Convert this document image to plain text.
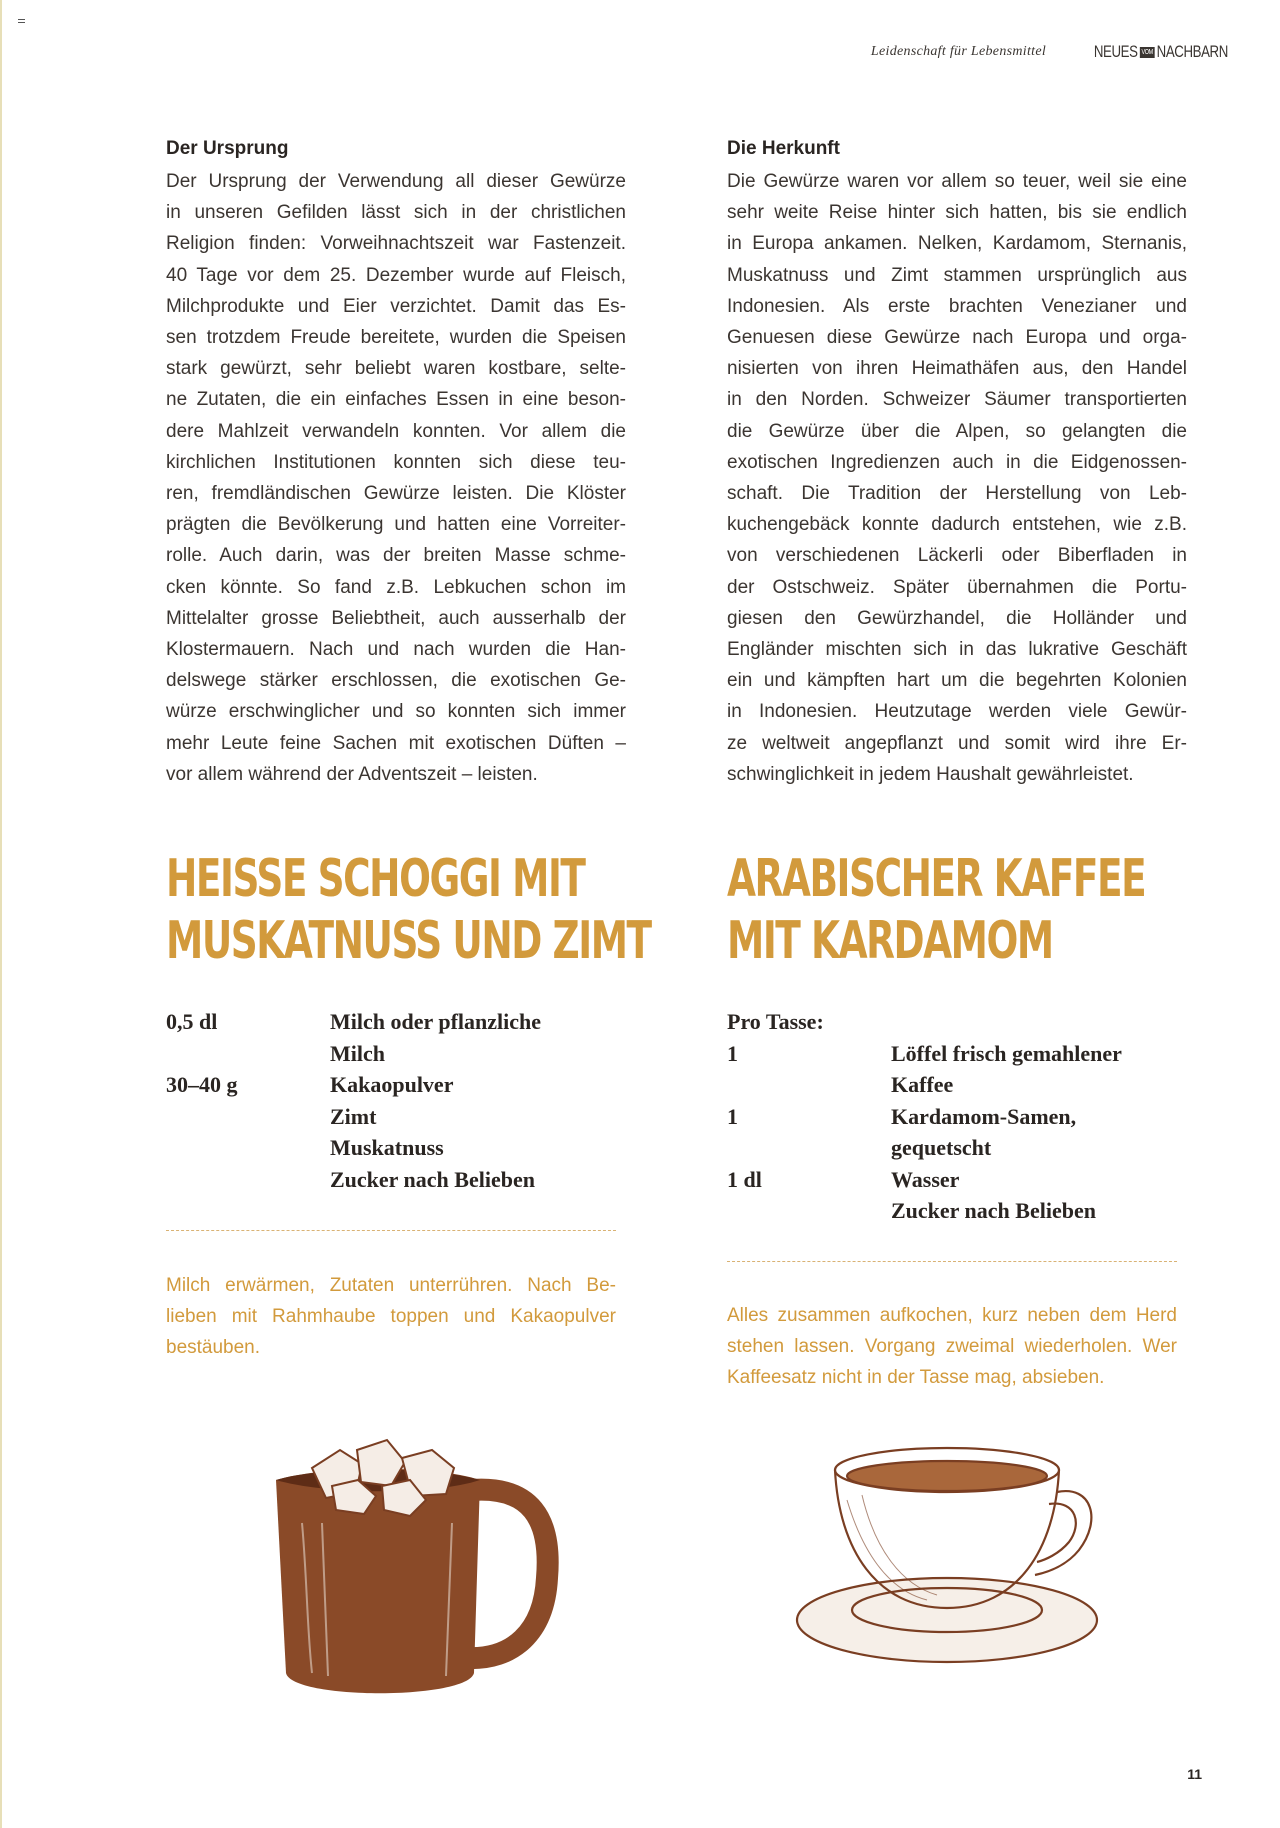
Leidenschaft für Lebensmittel	NEUES VOM NACHBARN
Der Ursprung
Der Ursprung der Verwendung all dieser Gewürze
in unseren Gefilden lässt sich in der christlichen
Religion finden: Vorweihnachtszeit war Fastenzeit.
40 Tage vor dem 25. Dezember wurde auf Fleisch,
Milchprodukte und Eier verzichtet. Damit das Es-
sen trotzdem Freude bereitete, wurden die Speisen
stark gewürzt, sehr beliebt waren kostbare, selte-
ne Zutaten, die ein einfaches Essen in eine beson-
dere Mahlzeit verwandeln konnten. Vor allem die
kirchlichen Institutionen konnten sich diese teu-
ren, fremdländischen Gewürze leisten. Die Klöster
prägten die Bevölkerung und hatten eine Vorreiter-
rolle. Auch darin, was der breiten Masse schme-
cken könnte. So fand z.B. Lebkuchen schon im
Mittelalter grosse Beliebtheit, auch ausserhalb der
Klostermauern. Nach und nach wurden die Han-
delswege stärker erschlossen, die exotischen Ge-
würze erschwinglicher und so konnten sich immer
mehr Leute feine Sachen mit exotischen Düften –
vor allem während der Adventszeit – leisten.
Die Herkunft
Die Gewürze waren vor allem so teuer, weil sie eine
sehr weite Reise hinter sich hatten, bis sie endlich
in Europa ankamen. Nelken, Kardamom, Sternanis,
Muskatnuss und Zimt stammen ursprünglich aus
Indonesien. Als erste brachten Venezianer und
Genuesen diese Gewürze nach Europa und orga-
nisierten von ihren Heimathäfen aus, den Handel
in den Norden. Schweizer Säumer transportierten
die Gewürze über die Alpen, so gelangten die
exotischen Ingredienzen auch in die Eidgenossen-
schaft. Die Tradition der Herstellung von Leb-
kuchengebäck konnte dadurch entstehen, wie z.B.
von verschiedenen Läckerli oder Biberfladen in
der Ostschweiz. Später übernahmen die Portu-
giesen den Gewürzhandel, die Holländer und
Engländer mischten sich in das lukrative Geschäft
ein und kämpften hart um die begehrten Kolonien
in Indonesien. Heutzutage werden viele Gewür-
ze weltweit angepflanzt und somit wird ihre Er-
schwinglichkeit in jedem Haushalt gewährleistet.
HEISSE SCHOGGI MIT
MUSKATNUSS UND ZIMT
0,5 dl	Milch oder pflanzliche
Milch
30–40 g	Kakaopulver
Zimt
Muskatnuss
Zucker nach Belieben
Milch erwärmen, Zutaten unterrühren. Nach Be-
lieben mit Rahmhaube toppen und Kakaopulver
bestäuben.
ARABISCHER KAFFEE
MIT KARDAMOM
Pro Tasse:
1	Löffel frisch gemahlener
Kaffee
1	Kardamom-Samen,
gequetscht
1 dl	Wasser
Zucker nach Belieben
Alles zusammen aufkochen, kurz neben dem Herd
stehen lassen. Vorgang zweimal wiederholen. Wer
Kaffeesatz nicht in der Tasse mag, absieben.
11
